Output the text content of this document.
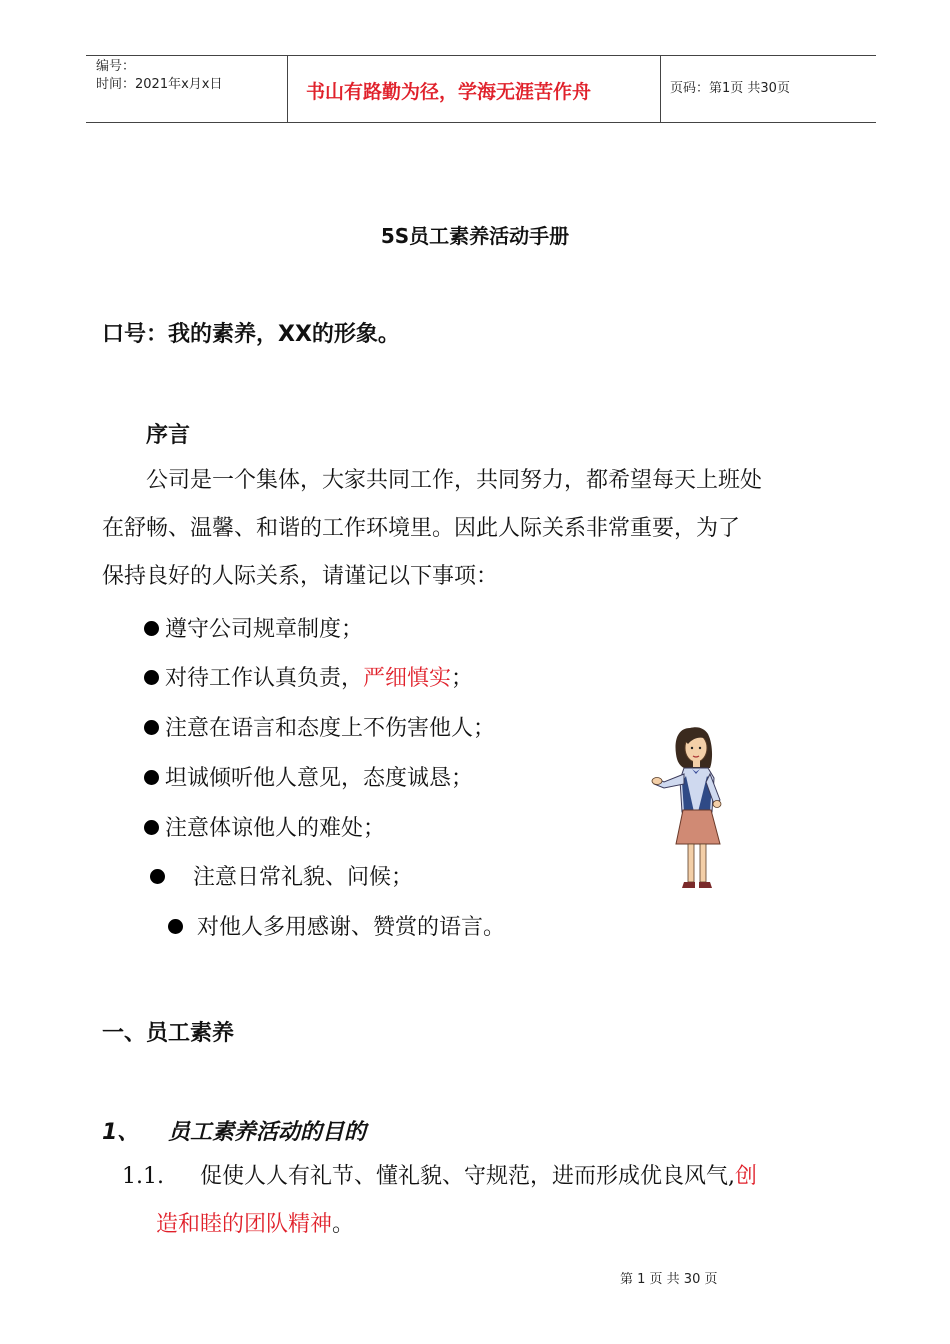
编号：
时间：2021年x月x日	书山有路勤为径，学海无涯苦作舟	页码：第1页 共30页
5S员工素养活动手册
口号：我的素养，XX的形象。
序言
公司是一个集体，大家共同工作，共同努力，都希望每天上班处
在舒畅、温馨、和谐的工作环境里。因此人际关系非常重要，为了
保持良好的人际关系，请谨记以下事项：
遵守公司规章制度；
对待工作认真负责，严细慎实；
注意在语言和态度上不伤害他人；
坦诚倾听他人意见，态度诚恳；
注意体谅他人的难处；
注意日常礼貌、问候；
对他人多用感谢、赞赏的语言。
一、员工素养
1、 员工素养活动的目的
1.1. 促使人人有礼节、懂礼貌、守规范，进而形成优良风气,创
造和睦的团队精神。
第 1 页 共 30 页
